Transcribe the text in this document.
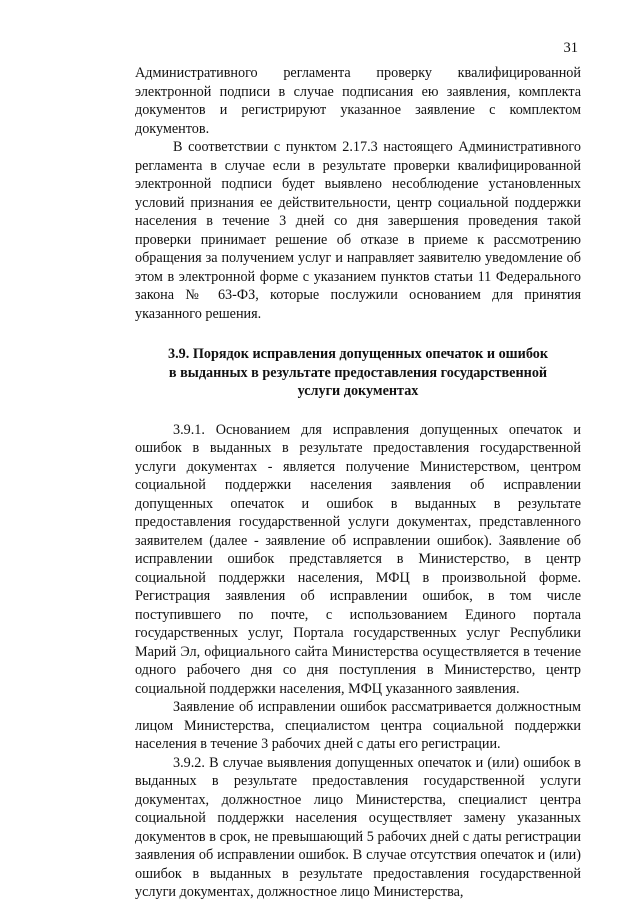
31

Административного регламента проверку квалифицированной электронной подписи в случае подписания ею заявления, комплекта документов и регистрируют указанное заявление с комплектом документов.

В соответствии с пунктом 2.17.3 настоящего Административного регламента в случае если в результате проверки квалифицированной электронной подписи будет выявлено несоблюдение установленных условий признания ее действительности, центр социальной поддержки населения в течение 3 дней со дня завершения проведения такой проверки принимает решение об отказе в приеме к рассмотрению обращения за получением услуг и направляет заявителю уведомление об этом в электронной форме с указанием пунктов статьи 11 Федерального закона № 63-ФЗ, которые послужили основанием для принятия указанного решения.

3.9. Порядок исправления допущенных опечаток и ошибок
в выданных в результате предоставления государственной
услуги документах

3.9.1. Основанием для исправления допущенных опечаток и ошибок в выданных в результате предоставления государственной услуги документах - является получение Министерством, центром социальной поддержки населения заявления об исправлении допущенных опечаток и ошибок в выданных в результате предоставления государственной услуги документах, представленного заявителем (далее - заявление об исправлении ошибок). Заявление об исправлении ошибок представляется в Министерство, в центр социальной поддержки населения, МФЦ в произвольной форме. Регистрация заявления об исправлении ошибок, в том числе поступившего по почте, с использованием Единого портала государственных услуг, Портала государственных услуг Республики Марий Эл, официального сайта Министерства осуществляется в течение одного рабочего дня со дня поступления в Министерство, центр социальной поддержки населения, МФЦ указанного заявления.

Заявление об исправлении ошибок рассматривается должностным лицом Министерства, специалистом центра социальной поддержки населения в течение 3 рабочих дней с даты его регистрации.

3.9.2. В случае выявления допущенных опечаток и (или) ошибок в выданных в результате предоставления государственной услуги документах, должностное лицо Министерства, специалист центра социальной поддержки населения осуществляет замену указанных документов в срок, не превышающий 5 рабочих дней с даты регистрации заявления об исправлении ошибок. В случае отсутствия опечаток и (или) ошибок в выданных в результате предоставления государственной услуги документах, должностное лицо Министерства,
